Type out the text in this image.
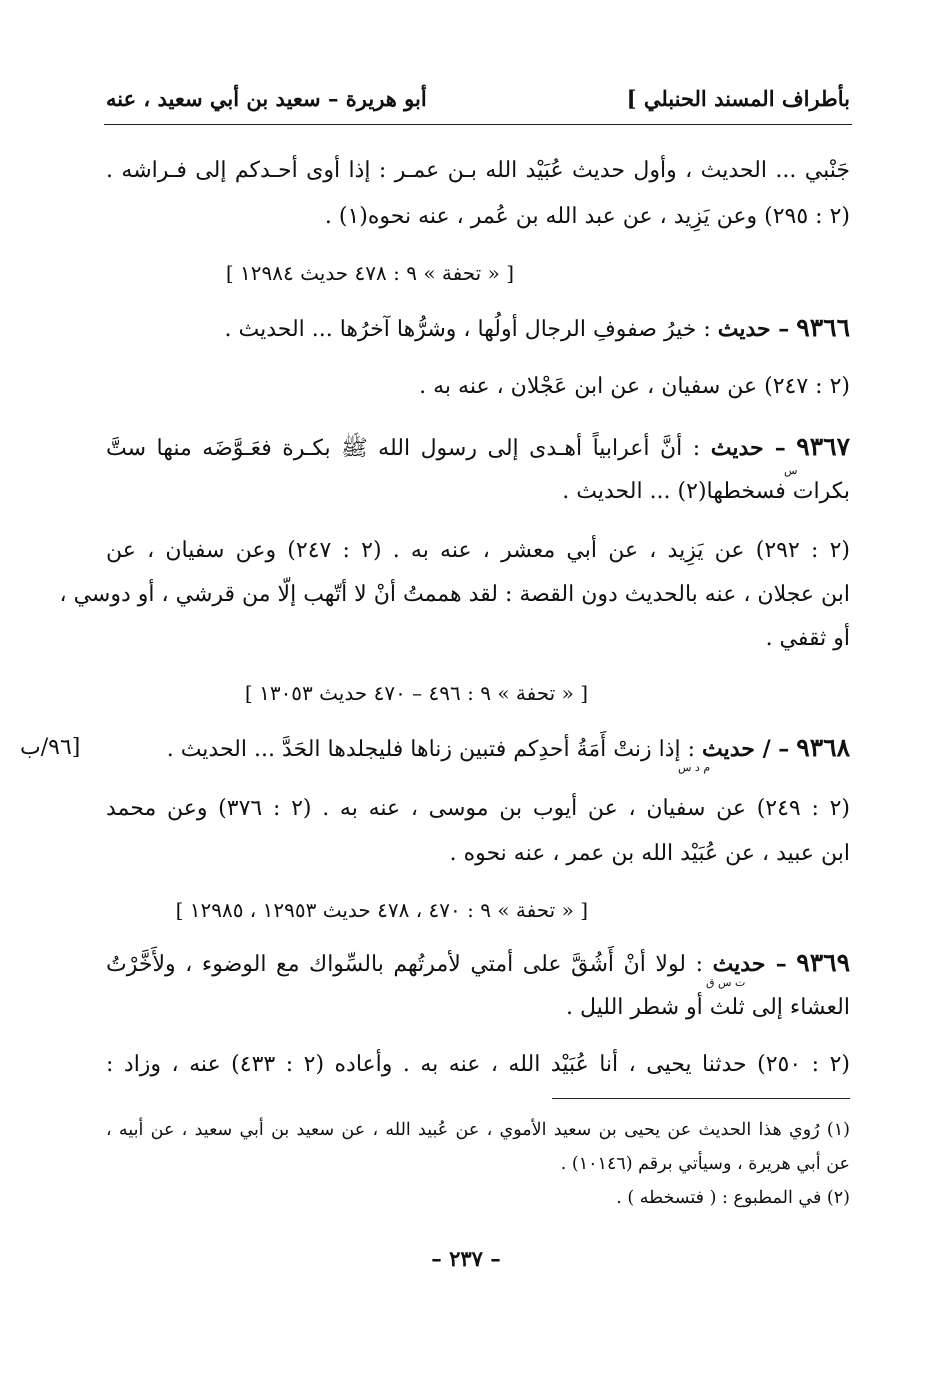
بأطراف المسند الحنبلي ]
أبو هريرة – سعيد بن أبي سعيد ، عنه
جَنْبي ... الحديث ، وأول حديث عُبَيْد الله بـن عمـر : إذا أوى أحـدكم إلى فـراشه .
(٢ : ٢٩٥) وعن يَزِيد ، عن عبد الله بن عُمر ، عنه نحوه(١) .
[ « تحفة » ٩ : ٤٧٨ حديث ١٢٩٨٤ ]
٩٣٦٦ – حديث : خيرُ صفوفِ الرجال أولُها ، وشرُّها آخرُها ... الحديث .
(٢ : ٢٤٧) عن سفيان ، عن ابن عَجْلان ، عنه به .
٩٣٦٧ – حديث : أنَّ أعرابياً أهـدى إلى رسول الله ﷺ بكـرة فعَـوَّضَه منها ستَّ
س
بكرات فسخطها(٢) ... الحديث .
(٢ : ٢٩٢) عن يَزِيد ، عن أبي معشر ، عنه به . (٢ : ٢٤٧) وعن سفيان ، عن
ابن عجلان ، عنه بالحديث دون القصة : لقد هممتُ أنْ لا أتّهب إلّا من قرشي ، أو دوسي ،
أو ثقفي .
[ « تحفة » ٩ : ٤٩٦ – ٤٧٠ حديث ١٣٠٥٣ ]
٩٣٦٨ – / حديث : إذا زنتْ أَمَةُ أحدِكم فتبين زناها فليجلدها الحَدَّ ... الحديث .
م د س
[٩٦/ب
(٢ : ٢٤٩) عن سفيان ، عن أيوب بن موسى ، عنه به . (٢ : ٣٧٦) وعن محمد
ابن عبيد ، عن عُبَيْد الله بن عمر ، عنه نحوه .
[ « تحفة » ٩ : ٤٧٠ ، ٤٧٨ حديث ١٢٩٥٣ ، ١٢٩٨٥ ]
٩٣٦٩ – حديث : لولا أنْ أَشُقَّ على أمتي لأمرتُهم بالسِّواك مع الوضوء ، ولأَخَّرْتُ
ت س ق
العشاء إلى ثلث أو شطر الليل .
(٢ : ٢٥٠) حدثنا يحيى ، أنا عُبَيْد الله ، عنه به . وأعاده (٢ : ٤٣٣) عنه ، وزاد :
(١) رُوي هذا الحديث عن يحيى بن سعيد الأموي ، عن عُبيد الله ، عن سعيد بن أبي سعيد ، عن أبيه ،
عن أبي هريرة ، وسيأتي برقم (١٠١٤٦) .
(٢) في المطبوع : ( فتسخطه ) .
– ٢٣٧ –
